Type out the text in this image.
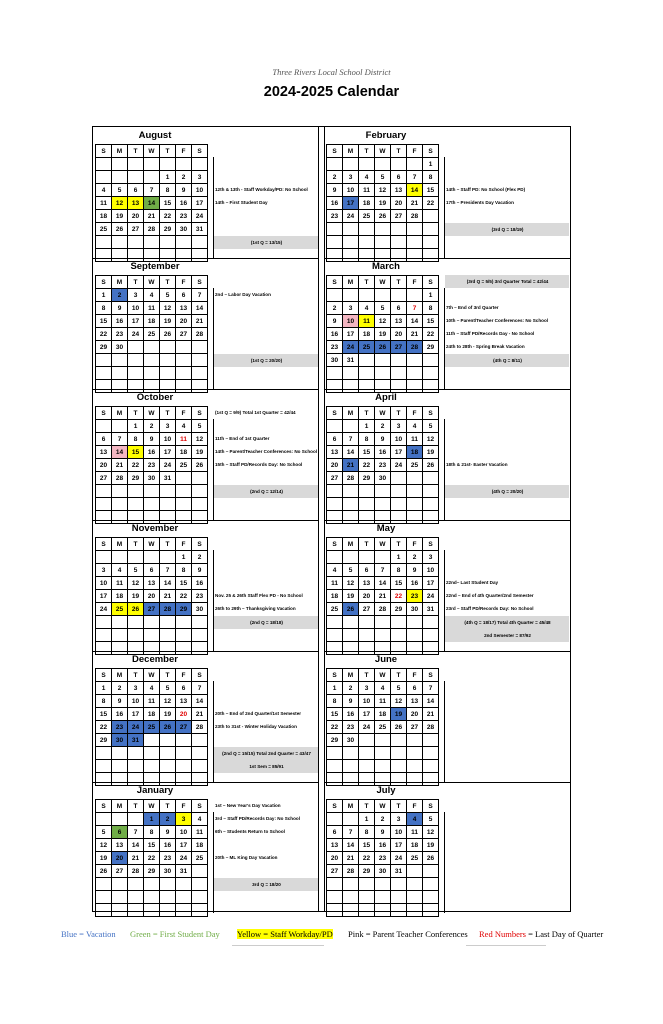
Three Rivers Local School District
2024-2025 Calendar
August
S	M	T	W	T	F	S

				1	2	3
4	5	6	7	8	9	10
11	12	13	14	15	16	17
18	19	20	21	22	23	24
25	26	27	28	29	30	31

12th & 13th - Staff Workday/PD: No School
14th – First Student Day
(1st Q = 13/15)
September
S	M	T	W	T	F	S
1	2	3	4	5	6	7
8	9	10	11	12	13	14
15	16	17	18	19	20	21
22	23	24	25	26	27	28
29	30					

2nd – Labor Day Vacation
(1st Q = 20/20)
October
S	M	T	W	T	F	S
		1	2	3	4	5
6	7	8	9	10	11	12
13	14	15	16	17	18	19
20	21	22	23	24	25	26
27	28	29	30	31		

(1st Q = 9/9) Total 1st Quarter = 42/44
11th – End of 1st Quarter
14th – Parent/Teacher Conferences: No School
15th – Staff PD/Records Day: No School
(2nd Q = 12/14)
November
S	M	T	W	T	F	S
					1	2
3	4	5	6	7	8	9
10	11	12	13	14	15	16
17	18	19	20	21	22	23
24	25	26	27	28	29	30

Nov. 25 & 26th Staff Flex PD - No School
26th to 29th – Thanksgiving Vacation
(2nd Q = 18/18)
December
S	M	T	W	T	F	S
1	2	3	4	5	6	7
8	9	10	11	12	13	14
15	16	17	18	19	20	21
22	23	24	25	26	27	28
29	30	31				

20th – End of 2nd Quarter/1st Semester
23th to 31st - Winter Holiday Vacation
(2nd Q = 15/15) Total 2nd Quarter = 43/47
1st Sem = 85/91
January
S	M	T	W	T	F	S
			1	2	3	4
5	6	7	8	9	10	11
12	13	14	15	16	17	18
19	20	21	22	23	24	25
26	27	28	29	30	31	

1st – New Year's Day Vacation
3rd – Staff PD/Records Day: No School
6th – Students Return to School
20th – ML King Day Vacation
3rd Q = 18/20
February
S	M	T	W	T	F	S
						1
2	3	4	5	6	7	8
9	10	11	12	13	14	15
16	17	18	19	20	21	22
23	24	25	26	27	28	

14th – Staff PD: No School (Flex PD)
17th – Presidents Day Vacation
(3rd Q = 18/19)
March
S	M	T	W	T	F	S
						1
2	3	4	5	6	7	8
9	10	11	12	13	14	15
16	17	18	19	20	21	22
23	24	25	26	27	28	29
30	31					

(3rd Q = 5/5) 3rd Quarter Total = 42/44
7th – End of 3rd Quarter
10th – Parent/Teacher Conferences: No School
11th – Staff PD/Records Day - No School
24th to 28th - Spring Break Vacation
(4th Q = 8/11)
April
S	M	T	W	T	F	S
		1	2	3	4	5
6	7	8	9	10	11	12
13	14	15	16	17	18	19
20	21	22	23	24	25	26
27	28	29	30			

18th & 21st- Easter Vacation
(4th Q = 20/20)
May
S	M	T	W	T	F	S
				1	2	3
4	5	6	7	8	9	10
11	12	13	14	15	16	17
18	19	20	21	22	23	24
25	26	27	28	29	30	31

22nd– Last Student Day
22nd – End of 4th Quarter/2nd Semester
23rd – Staff PD/Records Day: No School
(4th Q = 18/17) Total 4th Quarter = 45/48
2nd Semester = 87/92
June
S	M	T	W	T	F	S
1	2	3	4	5	6	7
8	9	10	11	12	13	14
15	16	17	18	19	20	21
22	23	24	25	26	27	28
29	30					

July
S	M	T	W	T	F	S
		1	2	3	4	5
6	7	8	9	10	11	12
13	14	15	16	17	18	19
20	21	22	23	24	25	26
27	28	29	30	31		

Blue = Vacation Green = First Student Day Yellow = Staff Workday/PD Pink = Parent Teacher Conferences Red Numbers = Last Day of Quarter
